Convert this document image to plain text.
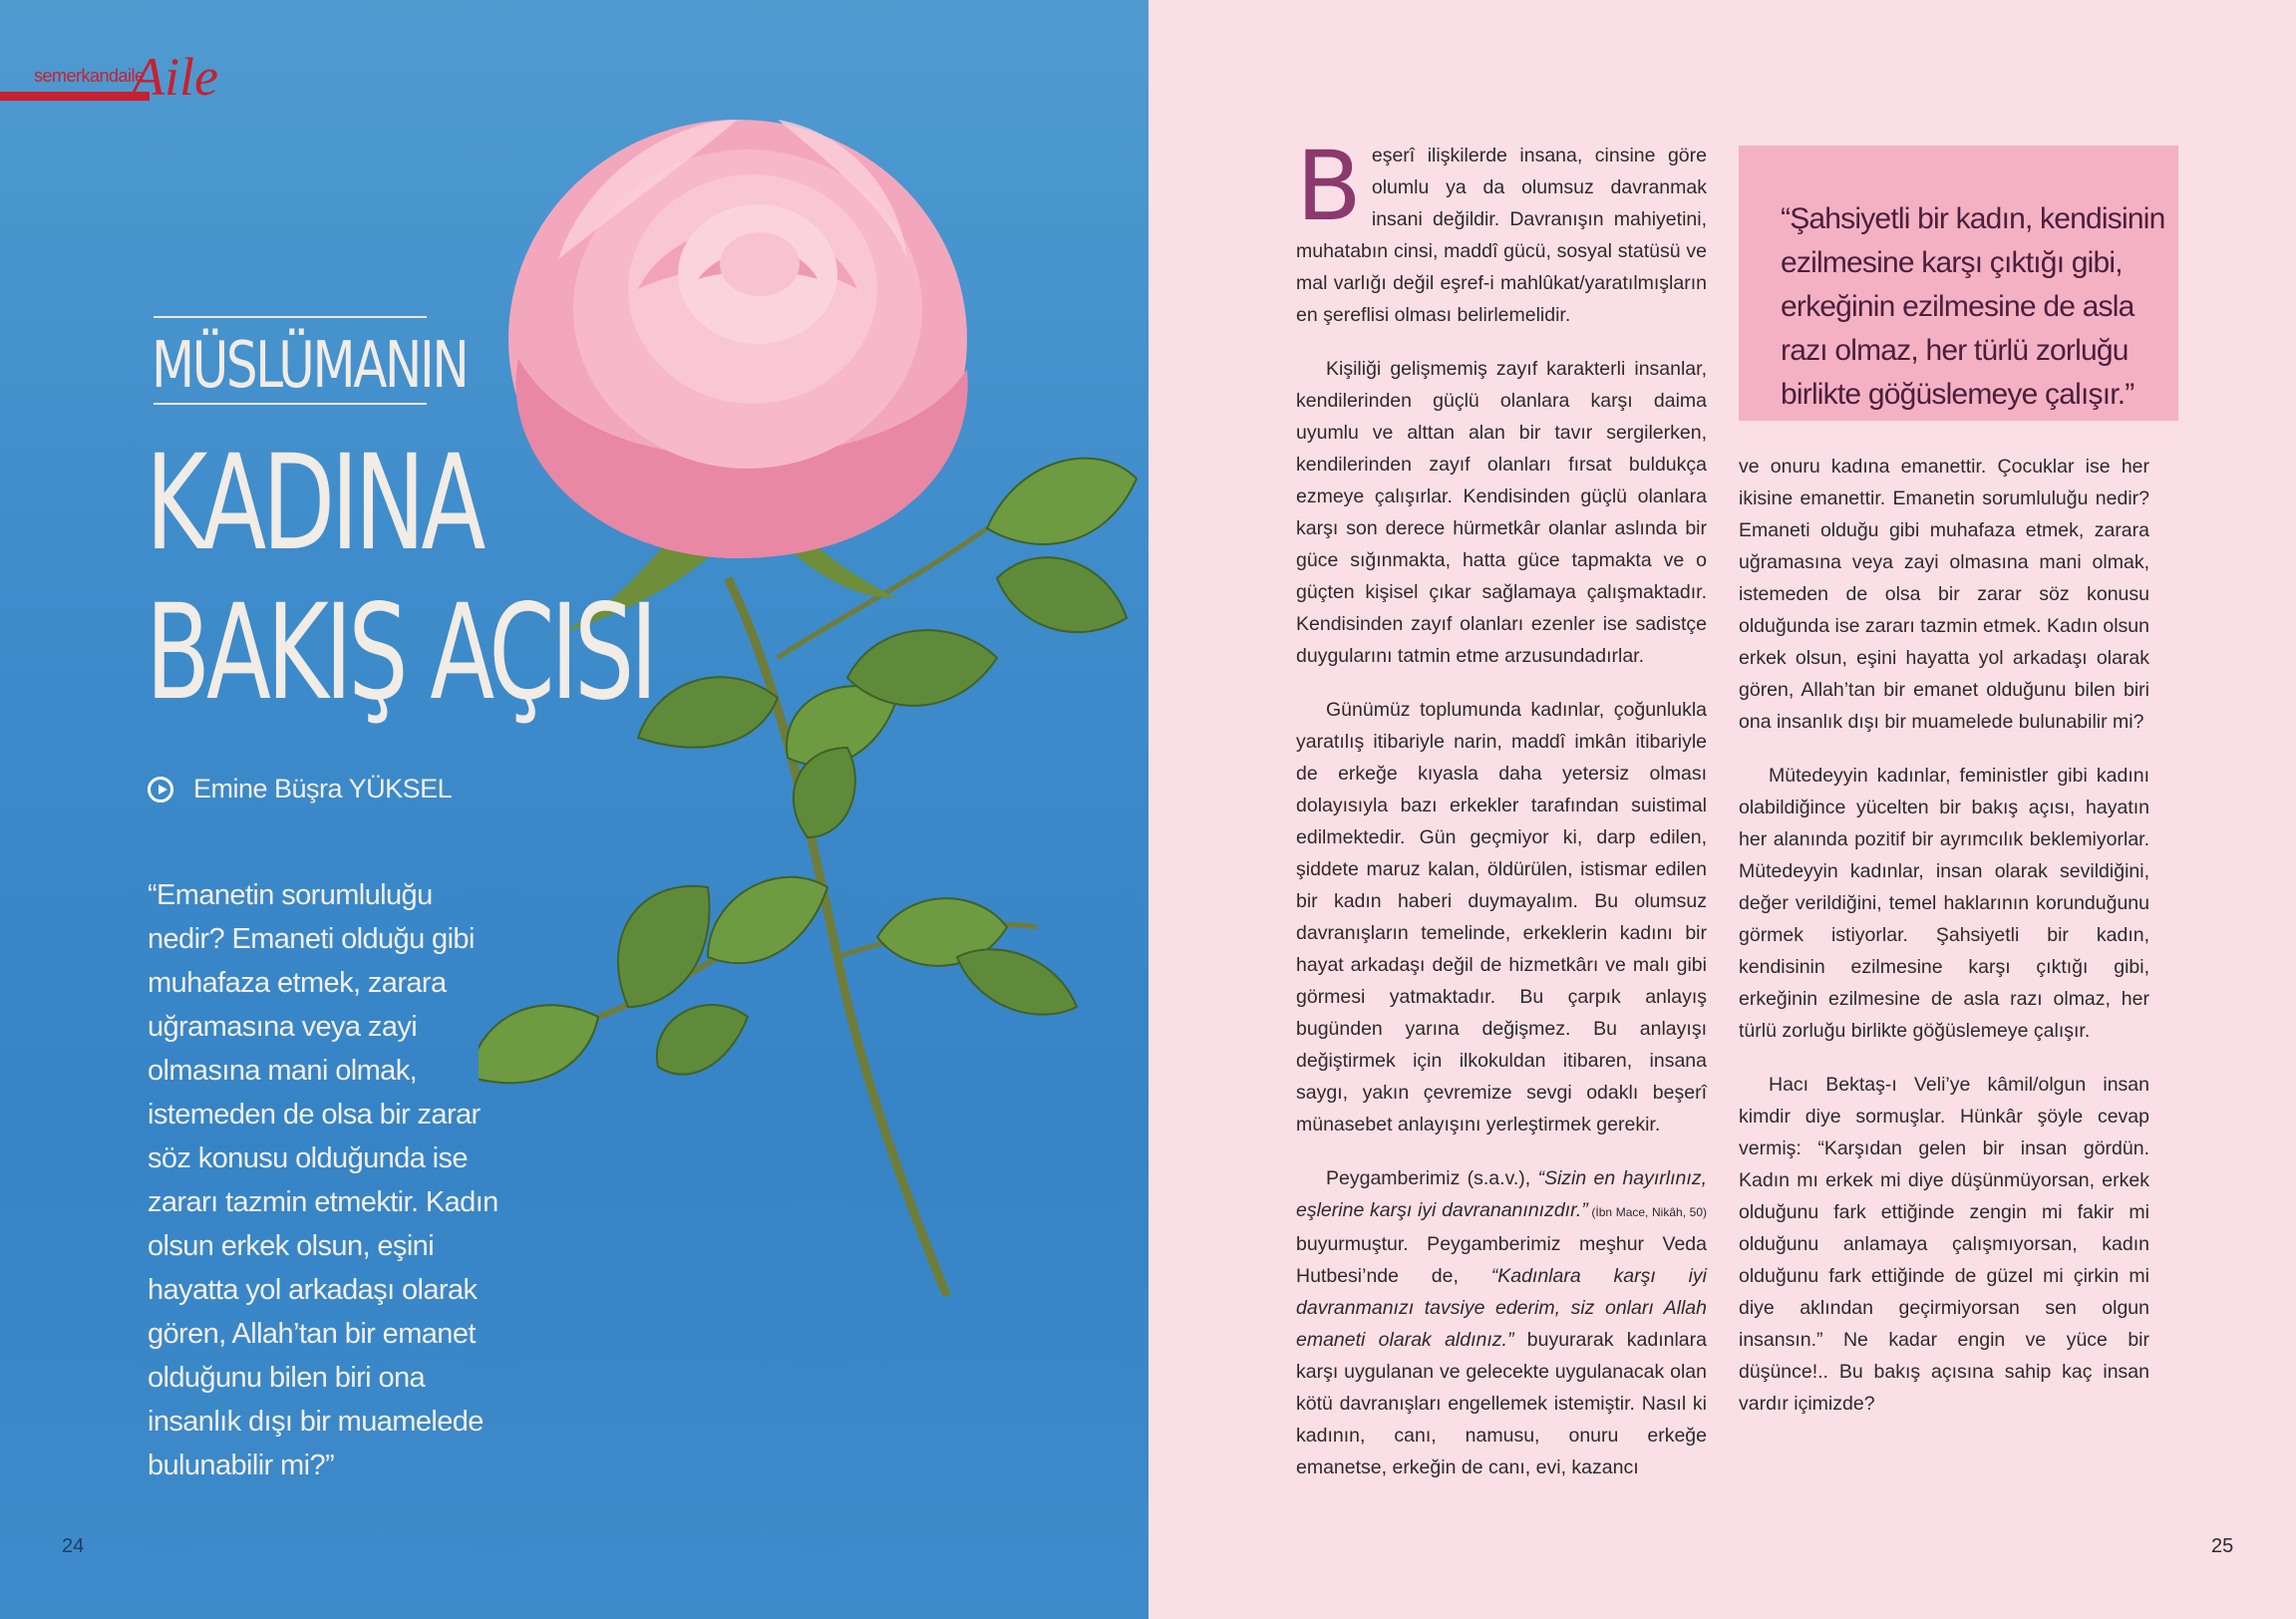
semerkandaile
Aile
MÜSLÜMANIN
KADINA
BAKIŞ AÇISI
Emine Büşra YÜKSEL
“Emanetin sorumluluğu nedir? Emaneti olduğu gibi muhafaza etmek, zarara uğramasına veya zayi olmasına mani olmak, istemeden de olsa bir zarar söz konusu olduğunda ise zararı tazmin etmektir. Kadın olsun erkek olsun, eşini hayatta yol arkadaşı olarak gören, Allah’tan bir emanet olduğunu bilen biri ona insanlık dışı bir muamelede bulunabilir mi?”
24

Beşerî ilişkilerde insana, cinsine göre olumlu ya da olumsuz davranmak insani değildir. Davranışın mahiyetini, muhatabın cinsi, maddî gücü, sosyal statüsü ve mal varlığı değil eşref-i mahlûkat/yaratılmışların en şereflisi olması belirlemelidir.

Kişiliği gelişmemiş zayıf karakterli insanlar, kendilerinden güçlü olanlara karşı daima uyumlu ve alttan alan bir tavır sergilerken, kendilerinden zayıf olanları fırsat buldukça ezmeye çalışırlar. Kendisinden güçlü olanlara karşı son derece hürmetkâr olanlar aslında bir güce sığınmakta, hatta güce tapmakta ve o güçten kişisel çıkar sağlamaya çalışmaktadır. Kendisinden zayıf olanları ezenler ise sadistçe duygularını tatmin etme arzusundadırlar.

Günümüz toplumunda kadınlar, çoğunlukla yaratılış itibariyle narin, maddî imkân itibariyle de erkeğe kıyasla daha yetersiz olması dolayısıyla bazı erkekler tarafından suistimal edilmektedir. Gün geçmiyor ki, darp edilen, şiddete maruz kalan, öldürülen, istismar edilen bir kadın haberi duymayalım. Bu olumsuz davranışların temelinde, erkeklerin kadını bir hayat arkadaşı değil de hizmetkârı ve malı gibi görmesi yatmaktadır. Bu çarpık anlayış bugünden yarına değişmez. Bu anlayışı değiştirmek için ilkokuldan itibaren, insana saygı, yakın çevremize sevgi odaklı beşerî münasebet anlayışını yerleştirmek gerekir.

Peygamberimiz (s.a.v.), “Sizin en hayırlınız, eşlerine karşı iyi davrananınızdır.” (İbn Mace, Nikâh, 50) buyurmuştur. Peygamberimiz meşhur Veda Hutbesi’nde de, “Kadınlara karşı iyi davranmanızı tavsiye ederim, siz onları Allah emaneti olarak aldınız.” buyurarak kadınlara karşı uygulanan ve gelecekte uygulanacak olan kötü davranışları engellemek istemiştir. Nasıl ki kadının, canı, namusu, onuru erkeğe emanetse, erkeğin de canı, evi, kazancı

“Şahsiyetli bir kadın, kendisinin ezilmesine karşı çıktığı gibi, erkeğinin ezilmesine de asla razı olmaz, her türlü zorluğu birlikte göğüslemeye çalışır.”

ve onuru kadına emanettir. Çocuklar ise her ikisine emanettir. Emanetin sorumluluğu nedir? Emaneti olduğu gibi muhafaza etmek, zarara uğramasına veya zayi olmasına mani olmak, istemeden de olsa bir zarar söz konusu olduğunda ise zararı tazmin etmek. Kadın olsun erkek olsun, eşini hayatta yol arkadaşı olarak gören, Allah’tan bir emanet olduğunu bilen biri ona insanlık dışı bir muamelede bulunabilir mi?

Mütedeyyin kadınlar, feministler gibi kadını olabildiğince yücelten bir bakış açısı, hayatın her alanında pozitif bir ayrımcılık beklemiyorlar. Mütedeyyin kadınlar, insan olarak sevildiğini, değer verildiğini, temel haklarının korunduğunu görmek istiyorlar. Şahsiyetli bir kadın, kendisinin ezilmesine karşı çıktığı gibi, erkeğinin ezilmesine de asla razı olmaz, her türlü zorluğu birlikte göğüslemeye çalışır.

Hacı Bektaş-ı Veli’ye kâmil/olgun insan kimdir diye sormuşlar. Hünkâr şöyle cevap vermiş: “Karşıdan gelen bir insan gördün. Kadın mı erkek mi diye düşünmüyorsan, erkek olduğunu fark ettiğinde zengin mi fakir mi olduğunu anlamaya çalışmıyorsan, kadın olduğunu fark ettiğinde de güzel mi çirkin mi diye aklından geçirmiyorsan sen olgun insansın.” Ne kadar engin ve yüce bir düşünce!.. Bu bakış açısına sahip kaç insan vardır içimizde?

25
